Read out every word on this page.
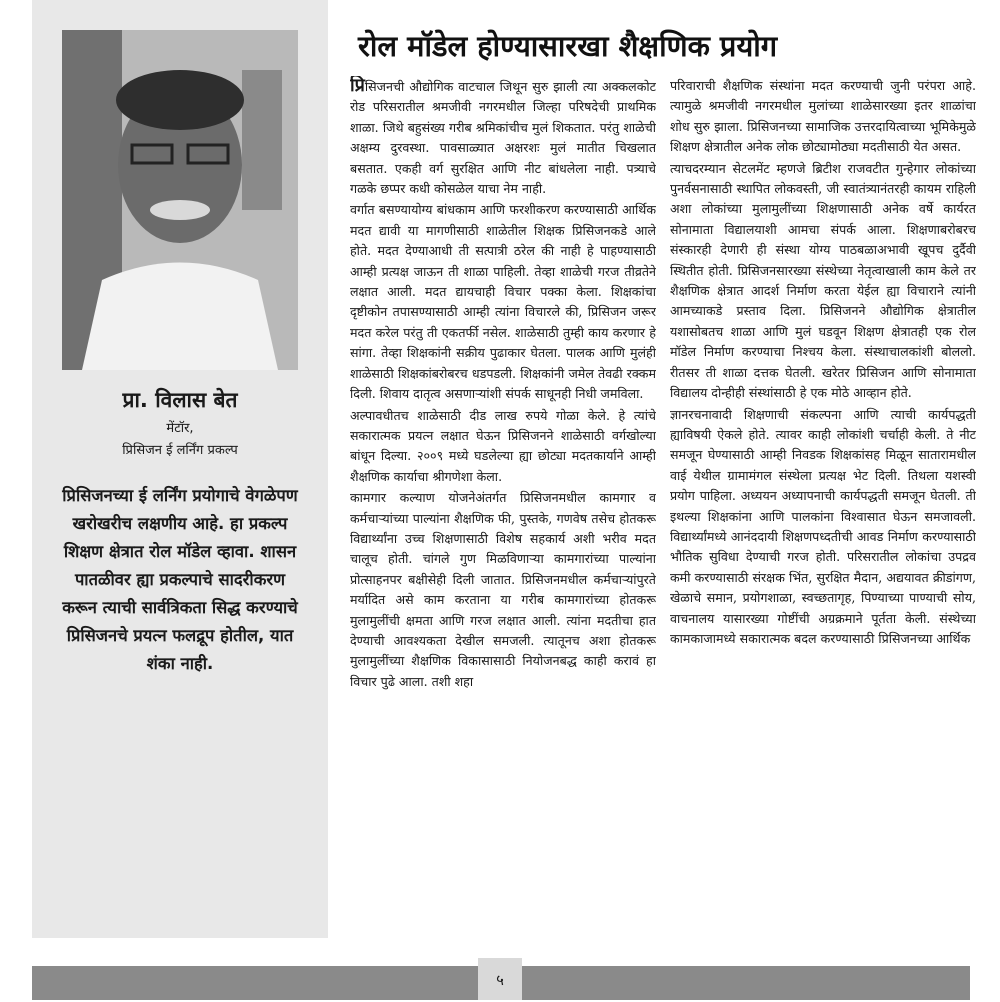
प्रा. विलास बेत
मेंटॉर,
प्रिसिजन ई लर्निंग प्रकल्प

प्रिसिजनच्या ई लर्निंग प्रयोगाचे वेगळेपण खरोखरीच लक्षणीय आहे. हा प्रकल्प शिक्षण क्षेत्रात रोल मॉडेल व्हावा. शासन पातळीवर ह्या प्रकल्पाचे सादरीकरण करून त्याची सार्वत्रिकता सिद्ध करण्याचे प्रिसिजनचे प्रयत्न फलद्रूप होतील, यात शंका नाही.

रोल मॉडेल होण्यासारखा शैक्षणिक प्रयोग

प्रिसिजनची औद्योगिक वाटचाल जिथून सुरु झाली त्या अक्कलकोट रोड परिसरातील श्रमजीवी नगरमधील जिल्हा परिषदेची प्राथमिक शाळा. जिथे बहुसंख्य गरीब श्रमिकांचीच मुलं शिकतात. परंतु शाळेची अक्षम्य दुरवस्था. पावसाळ्यात अक्षरशः मुलं मातीत चिखलात बसतात. एकही वर्ग सुरक्षित आणि नीट बांधलेला नाही. पत्र्याचे गळके छप्पर कधी कोसळेल याचा नेम नाही.

वर्गात बसण्यायोग्य बांधकाम आणि फरशीकरण करण्यासाठी आर्थिक मदत द्यावी या मागणीसाठी शाळेतील शिक्षक प्रिसिजनकडे आले होते. मदत देण्याआधी ती सत्पात्री ठरेल की नाही हे पाहण्यासाठी आम्ही प्रत्यक्ष जाऊन ती शाळा पाहिली. तेव्हा शाळेची गरज तीव्रतेने लक्षात आली. मदत द्यायचाही विचार पक्का केला. शिक्षकांचा दृष्टीकोन तपासण्यासाठी आम्ही त्यांना विचारले की, प्रिसिजन जरूर मदत करेल परंतु ती एकतर्फी नसेल. शाळेसाठी तुम्ही काय करणार हे सांगा. तेव्हा शिक्षकांनी सक्रीय पुढाकार घेतला. पालक आणि मुलंही शाळेसाठी शिक्षकांबरोबरच धडपडली. शिक्षकांनी जमेल तेवढी रक्कम दिली. शिवाय दातृत्व असणाऱ्यांशी संपर्क साधूनही निधी जमविला.

अल्पावधीतच शाळेसाठी दीड लाख रुपये गोळा केले. हे त्यांचे सकारात्मक प्रयत्न लक्षात घेऊन प्रिसिजनने शाळेसाठी वर्गखोल्या बांधून दिल्या. २००९ मध्ये घडलेल्या ह्या छोट्या मदतकार्याने आम्ही शैक्षणिक कार्याचा श्रीगणेशा केला.

कामगार कल्याण योजनेअंतर्गत प्रिसिजनमधील कामगार व कर्मचाऱ्यांच्या पाल्यांना शैक्षणिक फी, पुस्तके, गणवेष तसेच होतकरू विद्यार्थ्यांना उच्च शिक्षणासाठी विशेष सहकार्य अशी भरीव मदत चालूच होती. चांगले गुण मिळविणाऱ्या कामगारांच्या पाल्यांना प्रोत्साहनपर बक्षीसेही दिली जातात. प्रिसिजनमधील कर्मचाऱ्यांपुरते मर्यादित असे काम करताना या गरीब कामगारांच्या होतकरू मुलामुलींची क्षमता आणि गरज लक्षात आली. त्यांना मदतीचा हात देण्याची आवश्यकता देखील समजली. त्यातूनच अशा होतकरू मुलामुलींच्या शैक्षणिक विकासासाठी नियोजनबद्ध काही करावं हा विचार पुढे आला. तशी शहा

परिवाराची शैक्षणिक संस्थांना मदत करण्याची जुनी परंपरा आहे. त्यामुळे श्रमजीवी नगरमधील मुलांच्या शाळेसारख्या इतर शाळांचा शोध सुरु झाला. प्रिसिजनच्या सामाजिक उत्तरदायित्वाच्या भूमिकेमुळे शिक्षण क्षेत्रातील अनेक लोक छोट्यामोठ्या मदतीसाठी येत असत.

त्याचदरम्यान सेटलमेंट म्हणजे ब्रिटीश राजवटीत गुन्हेगार लोकांच्या पुनर्वसनासाठी स्थापित लोकवस्ती, जी स्वातंत्र्यानंतरही कायम राहिली अशा लोकांच्या मुलामुलींच्या शिक्षणासाठी अनेक वर्षे कार्यरत सोनामाता विद्यालयाशी आमचा संपर्क आला. शिक्षणाबरोबरच संस्कारही देणारी ही संस्था योग्य पाठबळाअभावी खूपच दुर्दैवी स्थितीत होती. प्रिसिजनसारख्या संस्थेच्या नेतृत्वाखाली काम केले तर शैक्षणिक क्षेत्रात आदर्श निर्माण करता येईल ह्या विचाराने त्यांनी आमच्याकडे प्रस्ताव दिला. प्रिसिजनने औद्योगिक क्षेत्रातील यशासोबतच शाळा आणि मुलं घडवून शिक्षण क्षेत्रातही एक रोल मॉडेल निर्माण करण्याचा निश्चय केला. संस्थाचालकांशी बोललो. रीतसर ती शाळा दत्तक घेतली. खरेतर प्रिसिजन आणि सोनामाता विद्यालय दोन्हीही संस्थांसाठी हे एक मोठे आव्हान होते.

ज्ञानरचनावादी शिक्षणाची संकल्पना आणि त्याची कार्यपद्धती ह्याविषयी ऐकले होते. त्यावर काही लोकांशी चर्चाही केली. ते नीट समजून घेण्यासाठी आम्ही निवडक शिक्षकांसह मिळून सातारामधील वाई येथील ग्रामामंगल संस्थेला प्रत्यक्ष भेट दिली. तिथला यशस्वी प्रयोग पाहिला. अध्ययन अध्यापनाची कार्यपद्धती समजून घेतली. ती इथल्या शिक्षकांना आणि पालकांना विश्वासात घेऊन समजावली. विद्यार्थ्यांमध्ये आनंददायी शिक्षणपध्दतीची आवड निर्माण करण्यासाठी भौतिक सुविधा देण्याची गरज होती. परिसरातील लोकांचा उपद्रव कमी करण्यासाठी संरक्षक भिंत, सुरक्षित मैदान, अद्ययावत क्रीडांगण, खेळाचे समान, प्रयोगशाळा, स्वच्छतागृह, पिण्याच्या पाण्याची सोय, वाचनालय यासारख्या गोष्टींची अग्रक्रमाने पूर्तता केली. संस्थेच्या कामकाजामध्ये सकारात्मक बदल करण्यासाठी प्रिसिजनच्या आर्थिक

५
